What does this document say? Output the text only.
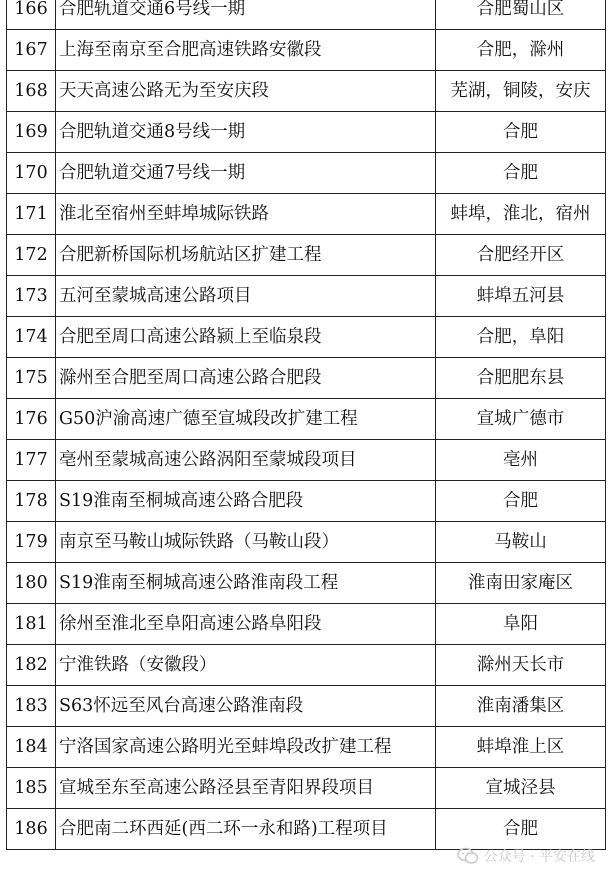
166	合肥轨道交通6号线一期	合肥蜀山区
167	上海至南京至合肥高速铁路安徽段	合肥，滁州
168	天天高速公路无为至安庆段	芜湖，铜陵，安庆
169	合肥轨道交通8号线一期	合肥
170	合肥轨道交通7号线一期	合肥
171	淮北至宿州至蚌埠城际铁路	蚌埠，淮北，宿州
172	合肥新桥国际机场航站区扩建工程	合肥经开区
173	五河至蒙城高速公路项目	蚌埠五河县
174	合肥至周口高速公路颍上至临泉段	合肥，阜阳
175	滁州至合肥至周口高速公路合肥段	合肥肥东县
176	G50沪渝高速广德至宣城段改扩建工程	宣城广德市
177	亳州至蒙城高速公路涡阳至蒙城段项目	亳州
178	S19淮南至桐城高速公路合肥段	合肥
179	南京至马鞍山城际铁路（马鞍山段）	马鞍山
180	S19淮南至桐城高速公路淮南段工程	淮南田家庵区
181	徐州至淮北至阜阳高速公路阜阳段	阜阳
182	宁淮铁路（安徽段）	滁州天长市
183	S63怀远至风台高速公路淮南段	淮南潘集区
184	宁洛国家高速公路明光至蚌埠段改扩建工程	蚌埠淮上区
185	宣城至东至高速公路泾县至青阳界段项目	宣城泾县
186	合肥南二环西延(西二环一永和路)工程项目	合肥
公众号 · 平安在线
